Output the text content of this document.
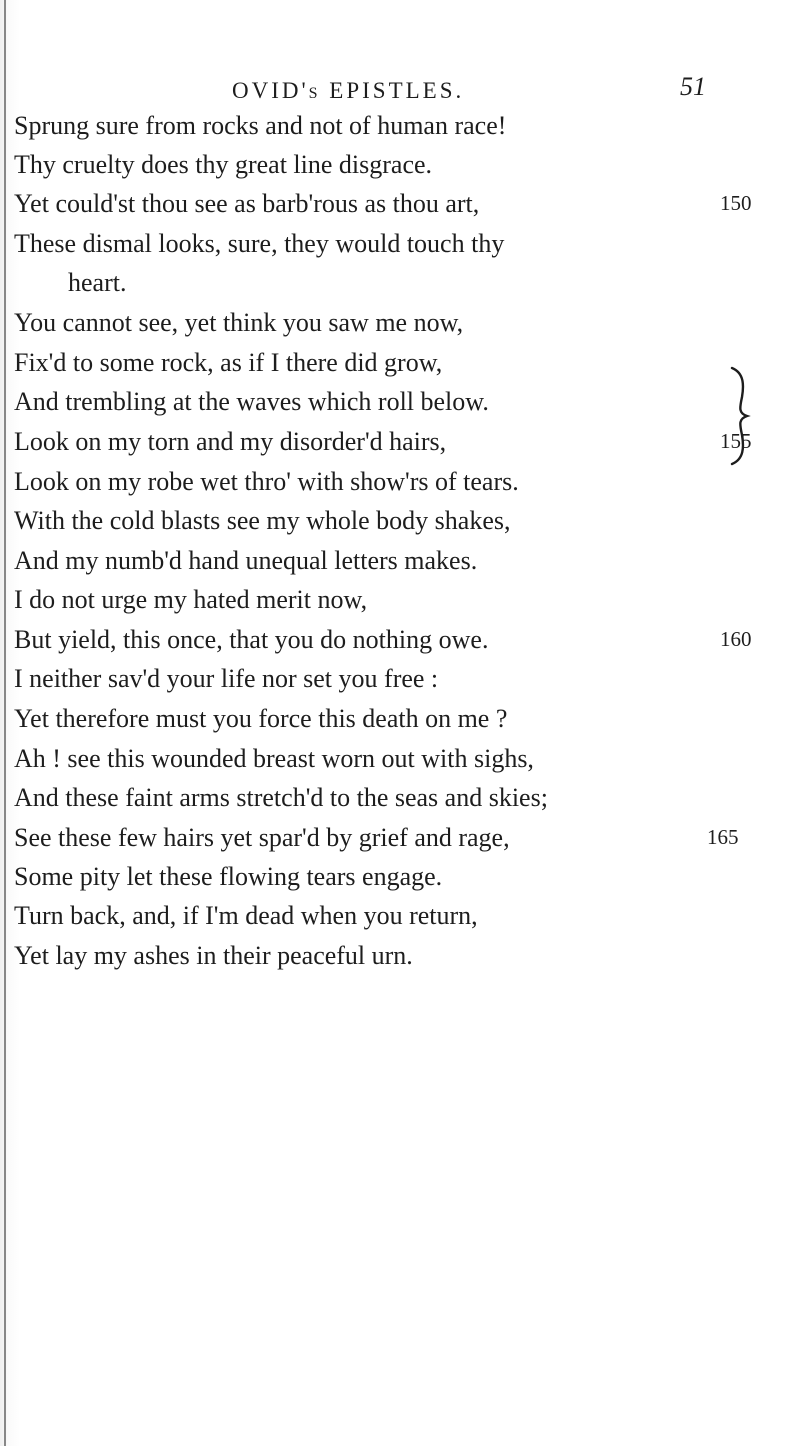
OVID's EPISTLES.	51
Sprung sure from rocks and not of human race!
Thy cruelty does thy great line disgrace.
Yet could'st thou see as barb'rous as thou art,
These dismal looks, sure, they would touch thy
heart.
You cannot see, yet think you saw me now,
Fix'd to some rock, as if I there did grow,
And trembling at the waves which roll below.
Look on my torn and my disorder'd hairs,
Look on my robe wet thro' with show'rs of tears.
With the cold blasts see my whole body shakes,
And my numb'd hand unequal letters makes.
I do not urge my hated merit now,
But yield, this once, that you do nothing owe.
I neither sav'd your life nor set you free :
Yet therefore must you force this death on me ?
Ah ! see this wounded breast worn out with sighs,
And these faint arms stretch'd to the seas and skies;
See these few hairs yet spar'd by grief and rage,
Some pity let these flowing tears engage.
Turn back, and, if I'm dead when you return,
Yet lay my ashes in their peaceful urn.
150
155
160
165
